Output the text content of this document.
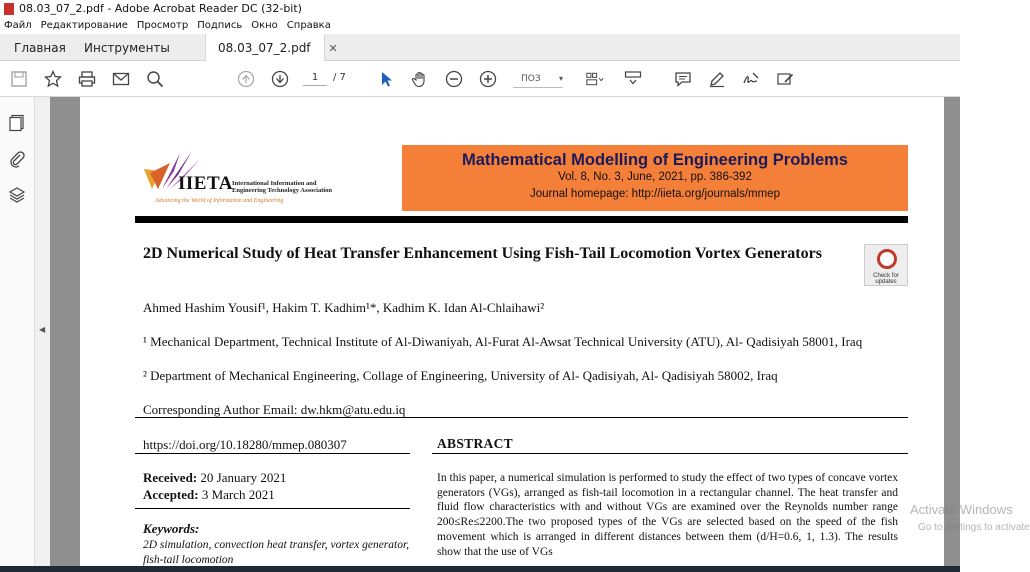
08.03_07_2.pdf - Adobe Acrobat Reader DC (32-bit)
Файл Редактирование Просмотр Подпись Окно Справка
Главная Инструменты	08.03_07_2.pdf ✕
1	/ 7	ПОЗ ▾
◀
IIETA International Information and
Engineering Technology Association
Advancing the World of Information and Engineering
Mathematical Modelling of Engineering Problems
Vol. 8, No. 3, June, 2021, pp. 386-392
Journal homepage: http://iieta.org/journals/mmep
Check for
updates
2D Numerical Study of Heat Transfer Enhancement Using Fish-Tail Locomotion Vortex Generators
Ahmed Hashim Yousif¹, Hakim T. Kadhim¹*, Kadhim K. Idan Al-Chlaihawi²
¹ Mechanical Department, Technical Institute of Al-Diwaniyah, Al-Furat Al-Awsat Technical University (ATU), Al- Qadisiyah 58001, Iraq
² Department of Mechanical Engineering, Collage of Engineering, University of Al- Qadisiyah, Al- Qadisiyah 58002, Iraq
Corresponding Author Email: dw.hkm@atu.edu.iq
https://doi.org/10.18280/mmep.080307	ABSTRACT
Received: 20 January 2021
Accepted: 3 March 2021
Keywords:
2D simulation, convection heat transfer, vortex generator, fish-tail locomotion
In this paper, a numerical simulation is performed to study the effect of two types of concave vortex generators (VGs), arranged as fish-tail locomotion in a rectangular channel. The heat transfer and fluid flow characteristics with and without VGs are examined over the Reynolds number range 200≤Re≤2200.The two proposed types of the VGs are selected based on the speed of the fish movement which is arranged in different distances between them (d/H=0.6, 1, 1.3). The results show that the use of VGs
Activate Windows
Go to Settings to activate
